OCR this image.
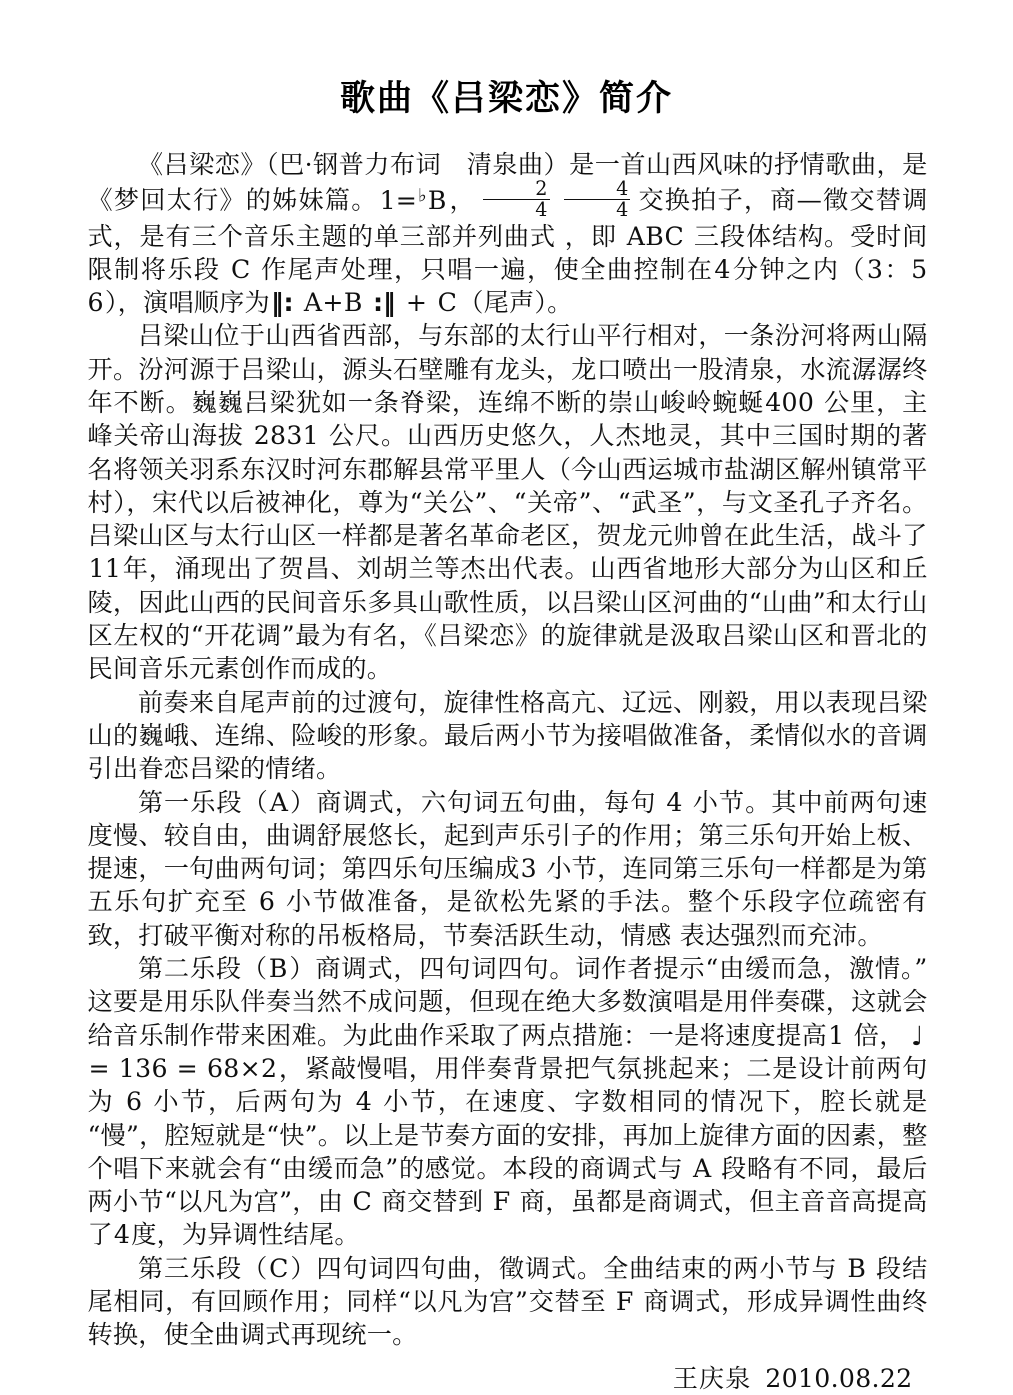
歌曲《吕梁恋》简介

《吕梁恋》（巴·钢普力布词　清泉曲）是一首山西风味的抒情歌曲，是《梦回太行》的姊妹篇。1=♭B， $\frac{2}{4} \frac{4}{4}$ 交换拍子，商—徵交替调式，是有三个音乐主题的单三部并列曲式 ，即 ABC 三段体结构。受时间限制将乐段 C 作尾声处理，只唱一遍，使全曲控制在4分钟之内（3：56），演唱顺序为‖: A+B :‖ + C（尾声）。

吕梁山位于山西省西部，与东部的太行山平行相对，一条汾河将两山隔开。汾河源于吕梁山，源头石壁雕有龙头，龙口喷出一股清泉，水流潺潺终年不断。巍巍吕梁犹如一条脊梁，连绵不断的崇山峻岭蜿蜒400 公里，主峰关帝山海拔 2831 公尺。山西历史悠久，人杰地灵，其中三国时期的著名将领关羽系东汉时河东郡解县常平里人（今山西运城市盐湖区解州镇常平村），宋代以后被神化，尊为“关公”、“关帝”、“武圣”，与文圣孔子齐名。吕梁山区与太行山区一样都是著名革命老区，贺龙元帅曾在此生活，战斗了11年，涌现出了贺昌、刘胡兰等杰出代表。山西省地形大部分为山区和丘陵，因此山西的民间音乐多具山歌性质，以吕梁山区河曲的“山曲”和太行山区左权的“开花调”最为有名，《吕梁恋》的旋律就是汲取吕梁山区和晋北的民间音乐元素创作而成的。

前奏来自尾声前的过渡句，旋律性格高亢、辽远、刚毅，用以表现吕梁山的巍峨、连绵、险峻的形象。最后两小节为接唱做准备，柔情似水的音调引出眷恋吕梁的情绪。

第一乐段（A）商调式，六句词五句曲，每句 4 小节。其中前两句速度慢、较自由，曲调舒展悠长，起到声乐引子的作用；第三乐句开始上板、提速，一句曲两句词；第四乐句压编成3 小节，连同第三乐句一样都是为第五乐句扩充至 6 小节做准备，是欲松先紧的手法。整个乐段字位疏密有致，打破平衡对称的吊板格局，节奏活跃生动，情感 表达强烈而充沛。

第二乐段（B）商调式，四句词四句。词作者提示“由缓而急，激情。”这要是用乐队伴奏当然不成问题，但现在绝大多数演唱是用伴奏碟，这就会给音乐制作带来困难。为此曲作采取了两点措施：一是将速度提高1 倍， ♩= 136 = 68×2，紧敲慢唱，用伴奏背景把气氛挑起来；二是设计前两句为 6 小节，后两句为 4 小节，在速度、字数相同的情况下，腔长就是“慢”，腔短就是“快”。以上是节奏方面的安排，再加上旋律方面的因素，整个唱下来就会有“由缓而急”的感觉。本段的商调式与 A 段略有不同，最后两小节“以凡为宫”，由 C 商交替到 F 商，虽都是商调式，但主音音高提高了4度，为异调性结尾。

第三乐段（C）四句词四句曲，徵调式。全曲结束的两小节与 B 段结尾相同，有回顾作用；同样“以凡为宫”交替至 F 商调式，形成异调性曲终转换，使全曲调式再现统一。

王庆泉 2010.08.22
